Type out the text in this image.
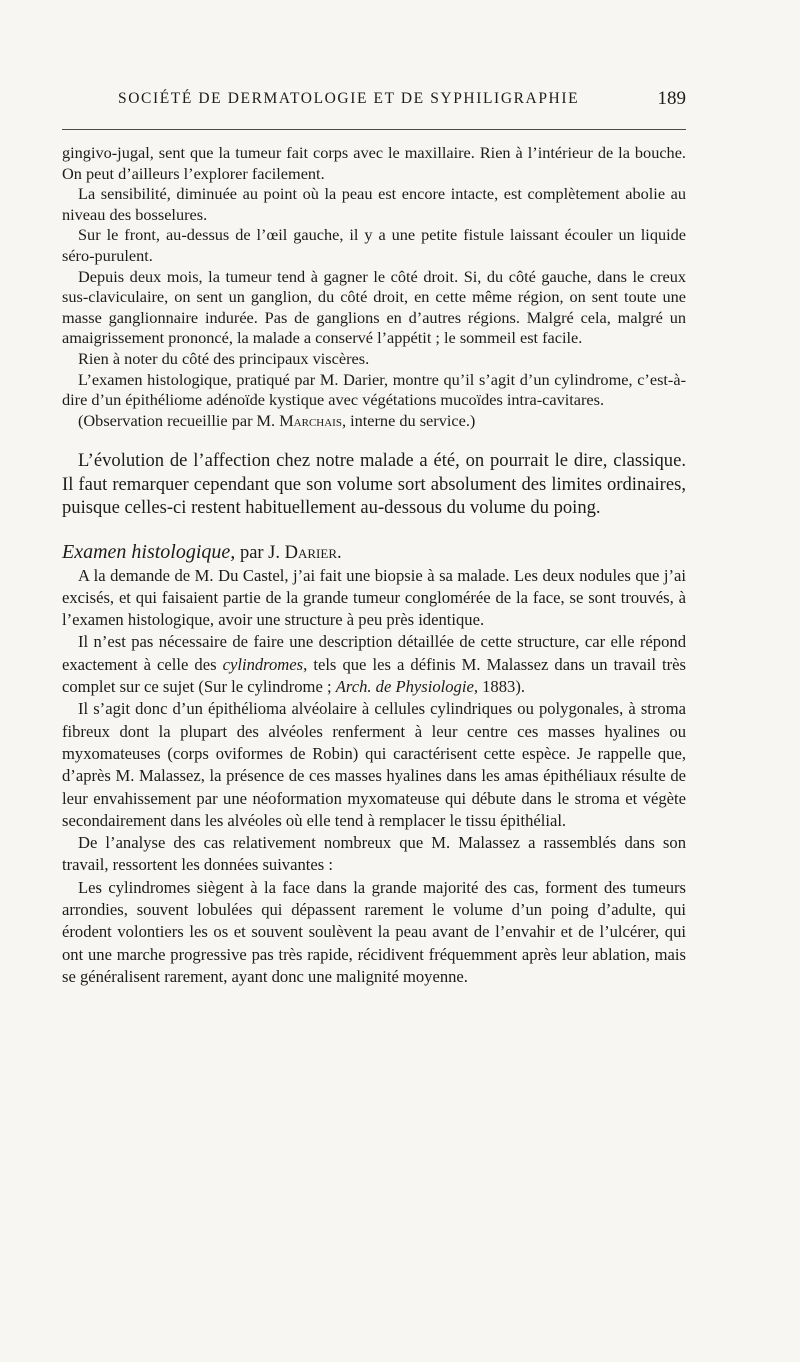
SOCIÉTÉ DE DERMATOLOGIE ET DE SYPHILIGRAPHIE	189

gingivo-jugal, sent que la tumeur fait corps avec le maxillaire. Rien à l’intérieur de la bouche. On peut d’ailleurs l’explorer facilement.

La sensibilité, diminuée au point où la peau est encore intacte, est complètement abolie au niveau des bosselures.

Sur le front, au-dessus de l’œil gauche, il y a une petite fistule laissant écouler un liquide séro-purulent.

Depuis deux mois, la tumeur tend à gagner le côté droit. Si, du côté gauche, dans le creux sus-claviculaire, on sent un ganglion, du côté droit, en cette même région, on sent toute une masse ganglionnaire indurée. Pas de ganglions en d’autres régions. Malgré cela, malgré un amaigrissement prononcé, la malade a conservé l’appétit ; le sommeil est facile.

Rien à noter du côté des principaux viscères.

L’examen histologique, pratiqué par M. Darier, montre qu’il s’agit d’un cylindrome, c’est-à-dire d’un épithéliome adénoïde kystique avec végétations mucoïdes intra-cavitares.

(Observation recueillie par M. Marchais, interne du service.)

L’évolution de l’affection chez notre malade a été, on pourrait le dire, classique. Il faut remarquer cependant que son volume sort absolument des limites ordinaires, puisque celles-ci restent habituellement au-dessous du volume du poing.

Examen histologique, par J. Darier.

A la demande de M. Du Castel, j’ai fait une biopsie à sa malade. Les deux nodules que j’ai excisés, et qui faisaient partie de la grande tumeur conglomérée de la face, se sont trouvés, à l’examen histologique, avoir une structure à peu près identique.

Il n’est pas nécessaire de faire une description détaillée de cette structure, car elle répond exactement à celle des cylindromes, tels que les a définis M. Malassez dans un travail très complet sur ce sujet (Sur le cylindrome ; Arch. de Physiologie, 1883).

Il s’agit donc d’un épithélioma alvéolaire à cellules cylindriques ou polygonales, à stroma fibreux dont la plupart des alvéoles renferment à leur centre ces masses hyalines ou myxomateuses (corps oviformes de Robin) qui caractérisent cette espèce. Je rappelle que, d’après M. Malassez, la présence de ces masses hyalines dans les amas épithéliaux résulte de leur envahissement par une néoformation myxomateuse qui débute dans le stroma et végète secondairement dans les alvéoles où elle tend à remplacer le tissu épithélial.

De l’analyse des cas relativement nombreux que M. Malassez a rassemblés dans son travail, ressortent les données suivantes :

Les cylindromes siègent à la face dans la grande majorité des cas, forment des tumeurs arrondies, souvent lobulées qui dépassent rarement le volume d’un poing d’adulte, qui érodent volontiers les os et souvent soulèvent la peau avant de l’envahir et de l’ulcérer, qui ont une marche progressive pas très rapide, récidivent fréquemment après leur ablation, mais se généralisent rarement, ayant donc une malignité moyenne.
